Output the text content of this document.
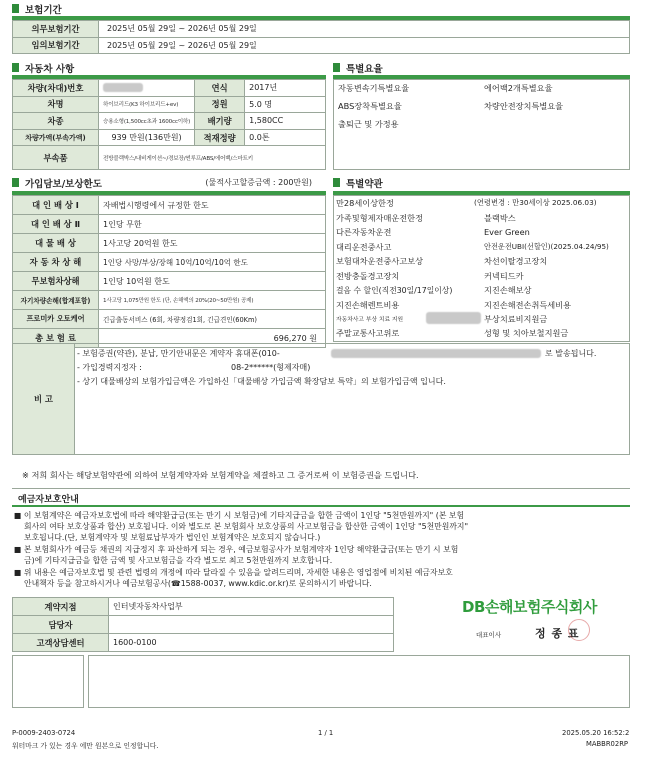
보험기간
의무보험기간	2025년 05월 29일 ~ 2026년 05월 29일
임의보험기간	2025년 05월 29일 ~ 2026년 05월 29일
자동차 사항
차량(차대)번호		연식	2017년
차명	하이브리드(K3 하이브리드+ev)	정원	5.0 명
차종	승용소형(1,500cc초과 1600cc이하)	배기량	1,580CC
차량가액(부속가액)	939 만원(136만원)	적재정량	0.0톤
부속품	전방블랙박스/내비게이션~/경보장/썬루프/ABS/에어백/스마트키		
특별요율
자동변속기특별요율	에어백2개특별요율
ABS장착특별요율	차량안전장치특별요율
출퇴근 및 가정용
가입담보/보상한도	(물적사고할증금액 : 200만원)
대 인 배 상 Ⅰ	자배법시행령에서 규정한 한도
대 인 배 상 Ⅱ	1인당 무한
대 물 배 상	1사고당 20억원 한도
자 동 차 상 해	1인당 사망/부상/장해 10억/10억/10억 한도
무보험차상해	1인당 10억원 한도
자기차량손해(합계포함)	1사고당 1,075만원 한도 (단, 손해액의 20%(20~50만원) 공제)
프로미카 오토케어	긴급출동서비스 (6회, 차량정검1회, 긴급견인(60Km)
총 보 험 료	696,270 원
특별약관
만28세이상한정	(연령변경 : 만30세이상 2025.06.03)
가족및형제자매운전한정	블랙박스
다른자동차운전	Ever Green
대리운전중사고	안전운전UBI(선할인)(2025.04.24/95)
보험대차운전중사고보상	차선이탈경고장치
전방충돌경고장치	커넥티드카
걸음 수 할인(직전30일/17일이상)	지진손해보상
지진손해렌트비용	지진손해전손취득세비용
자동차사고 부상 치료 지원	부상치료비지원금
주말교통사고위로	성형 및 치아보철지원금
비 고
- 보험증권(약관), 분납, 만기안내문은 계약자 휴대폰(010-	로 발송됩니다.
- 가입경력지정자 :	08-2******(형제자매)
- 상기 대물배상의 보험가입금액은 가입하신「대물배상 가입금액 확장담보 특약」의 보험가입금액 입니다.
※ 저희 회사는 해당보험약관에 의하여 보험계약자와 보험계약을 체결하고 그 증거로써 이 보험증권을 드립니다.
예금자보호안내
■ 이 보험계약은 예금자보호법에 따라 해약환급금(또는 만기 시 보험금)에 기타지급금을 합한 금액이 1인당 "5천만원까지" (본 보험
회사의 여타 보호상품과 합산) 보호됩니다. 이와 별도로 본 보험회사 보호상품의 사고보험금을 합산한 금액이 1인당 "5천만원까지"
보호됩니다.(단, 보험계약자 및 보험료납부자가 법인인 보험계약은 보호되지 않습니다.)
■ 본 보험회사가 예금등 채권의 지급정지 후 파산하게 되는 경우, 예금보험공사가 보험계약자 1인당 해약환급금(또는 만기 시 보험
금)에 기타지급금을 합한 금액 및 사고보험금을 각각 별도로 최고 5천만원까지 보호합니다.
■ 위 내용은 예금자보호법 및 관련 법령의 개정에 따라 달라질 수 있음을 알려드리며, 자세한 내용은 영업점에 비치된 예금자보호
안내책자 등을 참고하시거나 예금보험공사(☎1588-0037, www.kdic.or.kr)로 문의하시기 바랍니다.
계약지점	인터넷자동차사업부
담당자	
고객상담센터	1600-0100
DB손해보험주식회사
대표이사	정 종 표
P-0009-2403-0724
워터마크 가 있는 경우 에만 원본으로 인정합니다.
1 / 1	2025.05.20 16:52:2
MABBR02RP
